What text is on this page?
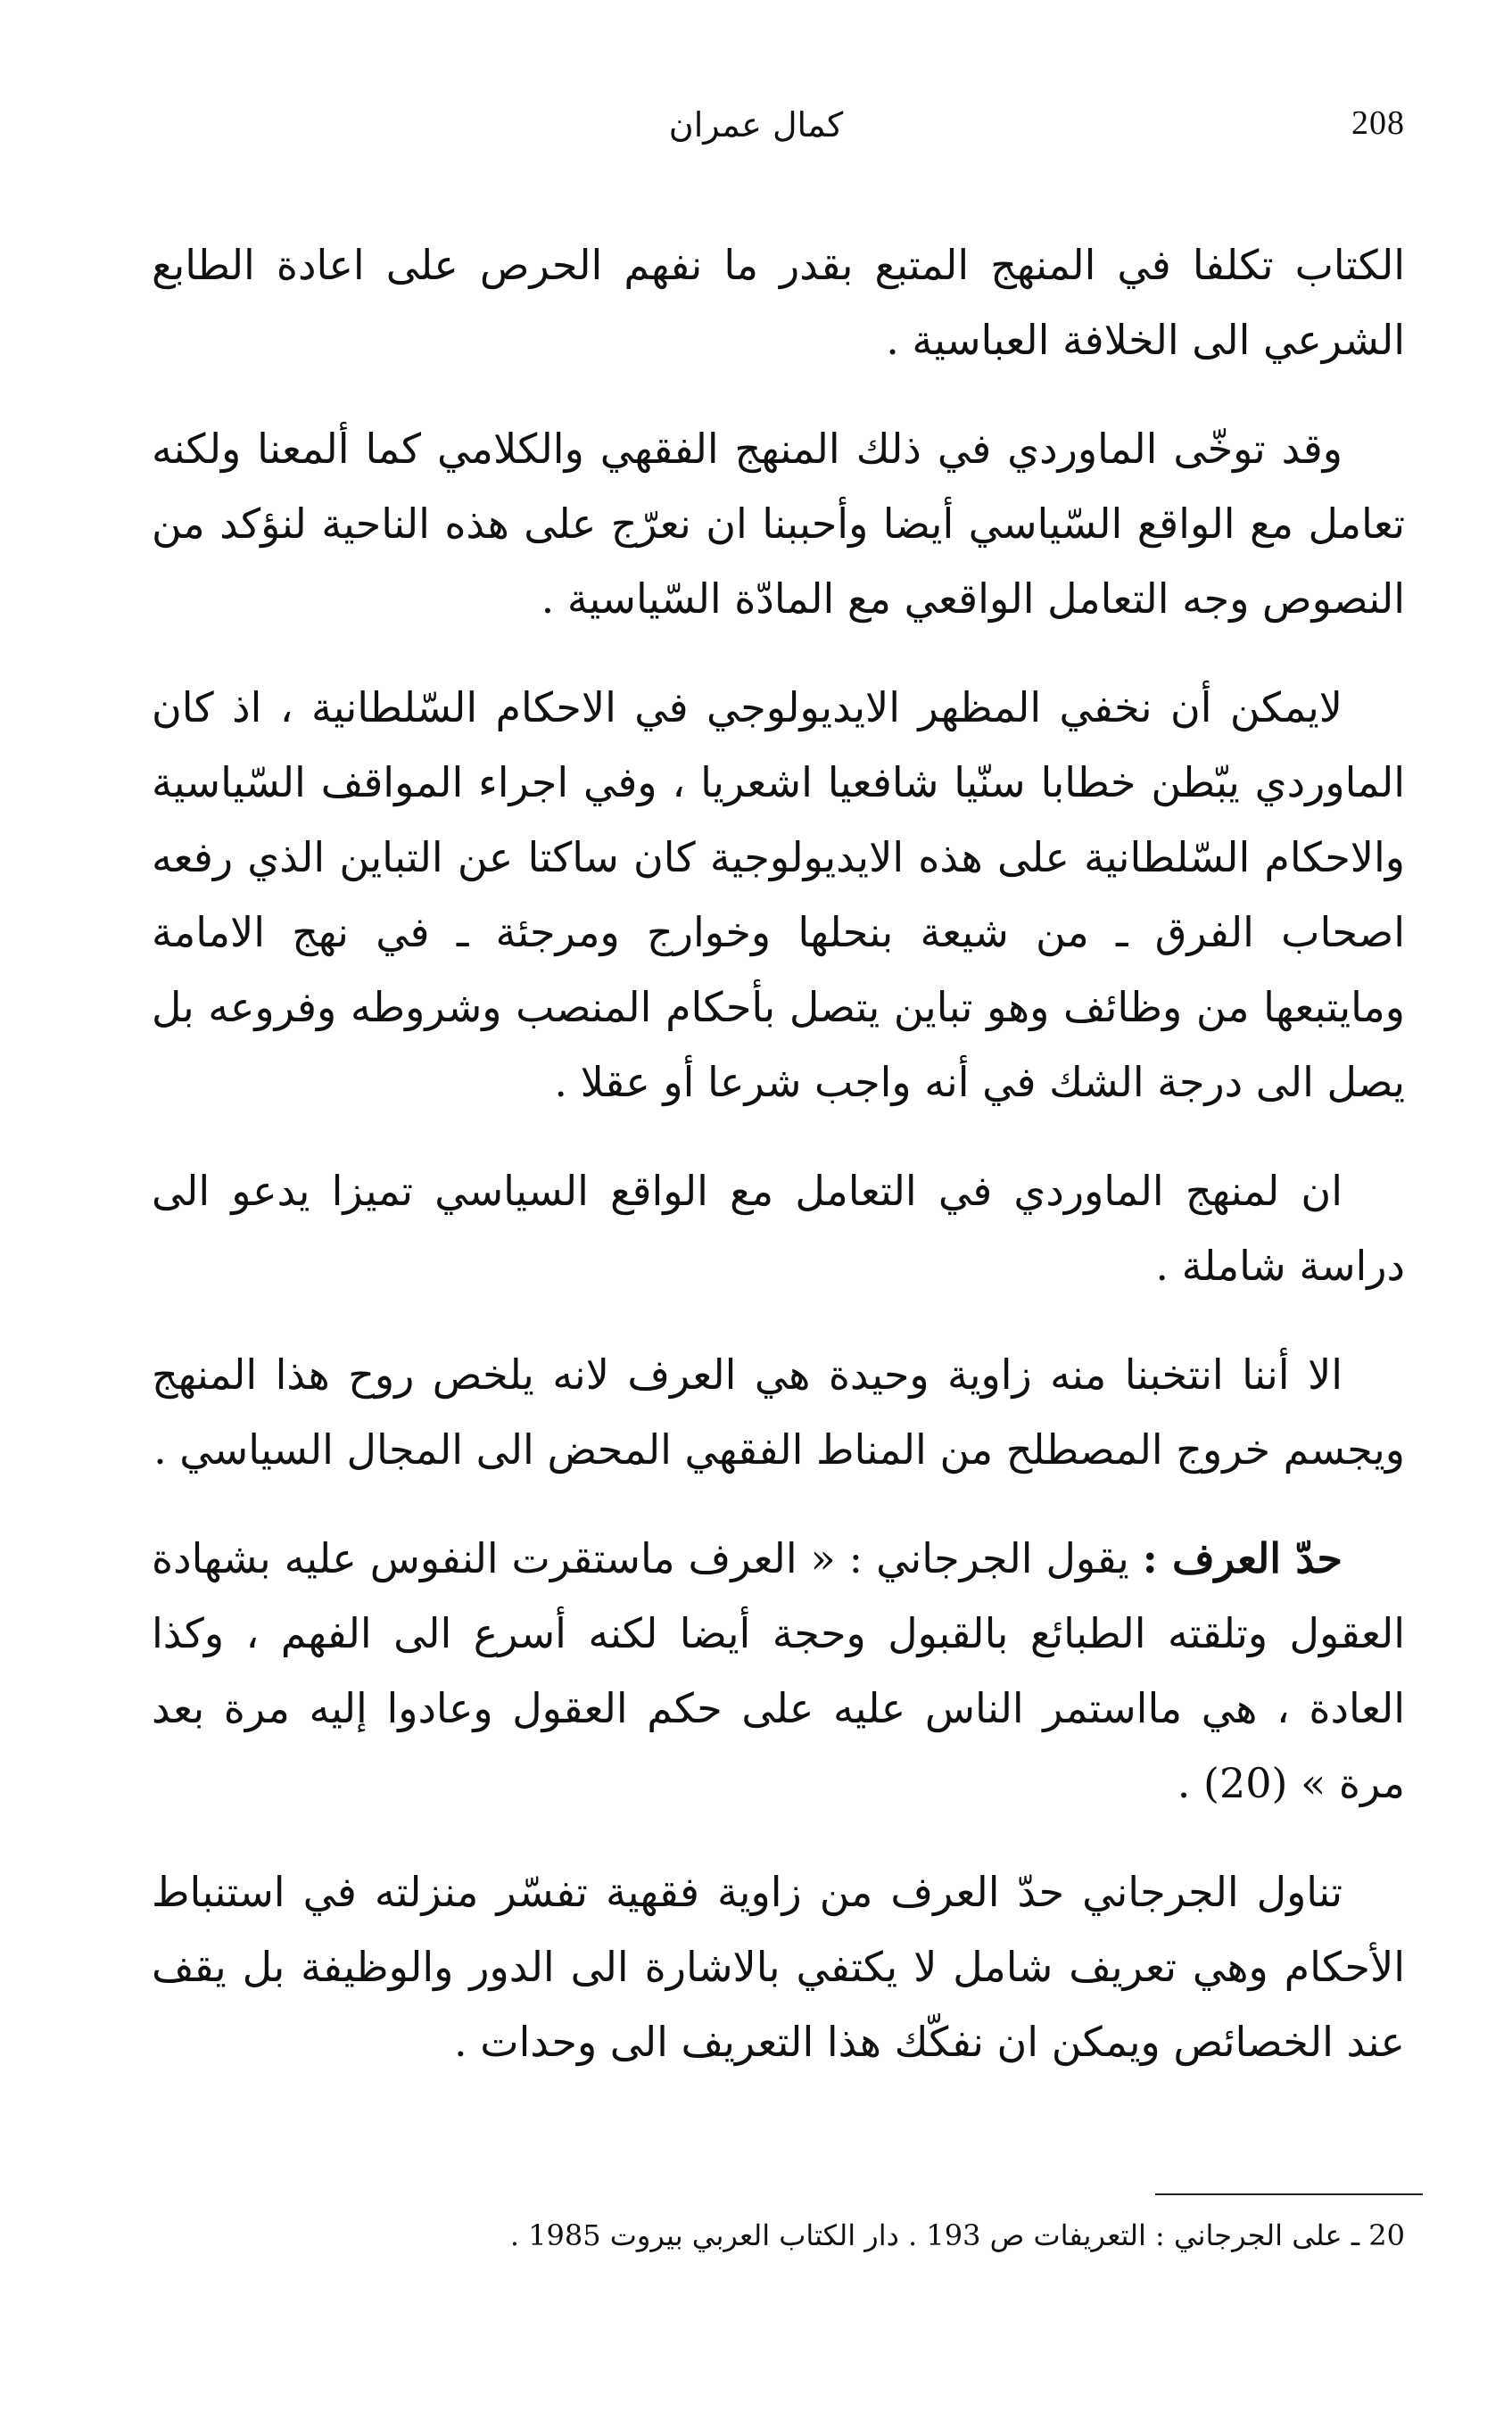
208
كمال عمران

الكتاب تكلفا في المنهج المتبع بقدر ما نفهم الحرص على اعادة الطابع الشرعي الى الخلافة العباسية .

وقد توخّى الماوردي في ذلك المنهج الفقهي والكلامي كما ألمعنا ولكنه تعامل مع الواقع السّياسي أيضا وأحببنا ان نعرّج على هذه الناحية لنؤكد من النصوص وجه التعامل الواقعي مع المادّة السّياسية .

لايمكن أن نخفي المظهر الايديولوجي في الاحكام السّلطانية ، اذ كان الماوردي يبّطن خطابا سنّيا شافعيا اشعريا ، وفي اجراء المواقف السّياسية والاحكام السّلطانية على هذه الايديولوجية كان ساكتا عن التباين الذي رفعه اصحاب الفرق ـ من شيعة بنحلها وخوارج ومرجئة ـ في نهج الامامة ومايتبعها من وظائف وهو تباين يتصل بأحكام المنصب وشروطه وفروعه بل يصل الى درجة الشك في أنه واجب شرعا أو عقلا .

ان لمنهج الماوردي في التعامل مع الواقع السياسي تميزا يدعو الى دراسة شاملة .

الا أننا انتخبنا منه زاوية وحيدة هي العرف لانه يلخص روح هذا المنهج ويجسم خروج المصطلح من المناط الفقهي المحض الى المجال السياسي .

حدّ العرف : يقول الجرجاني : « العرف ماستقرت النفوس عليه بشهادة العقول وتلقته الطبائع بالقبول وحجة أيضا لكنه أسرع الى الفهم ، وكذا العادة ، هي مااستمر الناس عليه على حكم العقول وعادوا إليه مرة بعد مرة » (20) .

تناول الجرجاني حدّ العرف من زاوية فقهية تفسّر منزلته في استنباط الأحكام وهي تعريف شامل لا يكتفي بالاشارة الى الدور والوظيفة بل يقف عند الخصائص ويمكن ان نفكّك هذا التعريف الى وحدات .

20 ـ على الجرجاني : التعريفات ص 193 . دار الكتاب العربي بيروت 1985 .
